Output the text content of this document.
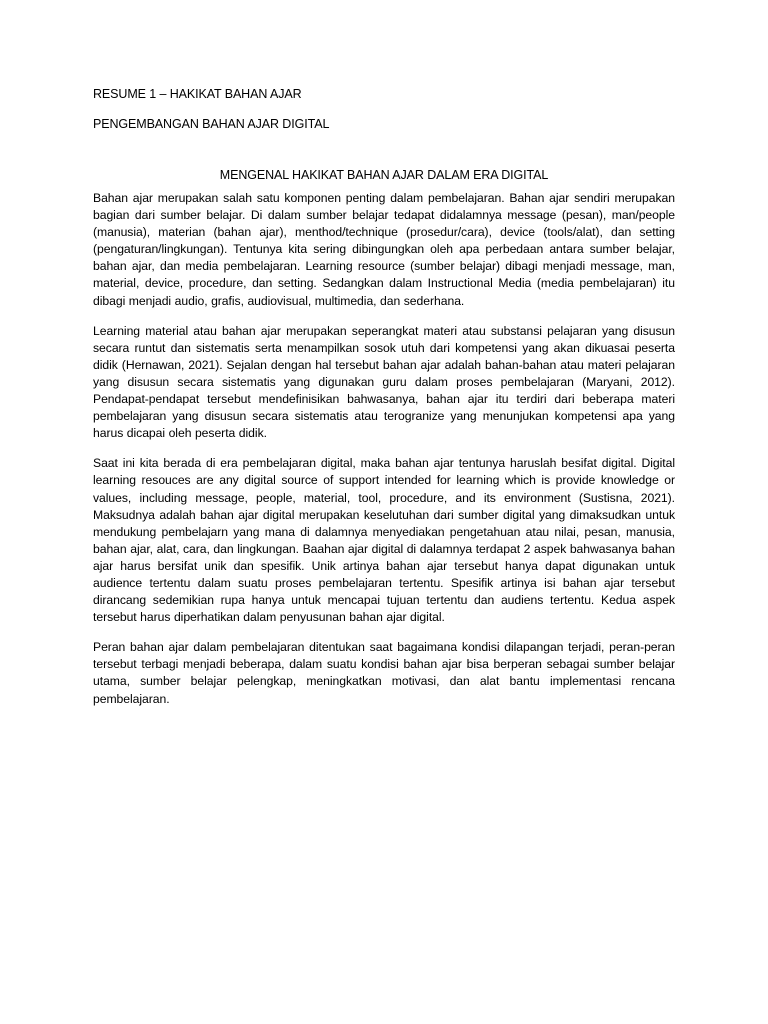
RESUME 1 – HAKIKAT BAHAN AJAR

PENGEMBANGAN BAHAN AJAR DIGITAL

MENGENAL HAKIKAT BAHAN AJAR DALAM ERA DIGITAL

Bahan ajar merupakan salah satu komponen penting dalam pembelajaran. Bahan ajar sendiri merupakan bagian dari sumber belajar. Di dalam sumber belajar tedapat didalamnya message (pesan), man/people (manusia), materian (bahan ajar), menthod/technique (prosedur/cara), device (tools/alat), dan setting (pengaturan/lingkungan). Tentunya kita sering dibingungkan oleh apa perbedaan antara sumber belajar, bahan ajar, dan media pembelajaran. Learning resource (sumber belajar) dibagi menjadi message, man, material, device, procedure, dan setting. Sedangkan dalam Instructional Media (media pembelajaran) itu dibagi menjadi audio, grafis, audiovisual, multimedia, dan sederhana.

Learning material atau bahan ajar merupakan seperangkat materi atau substansi pelajaran yang disusun secara runtut dan sistematis serta menampilkan sosok utuh dari kompetensi yang akan dikuasai peserta didik (Hernawan, 2021). Sejalan dengan hal tersebut bahan ajar adalah bahan-bahan atau materi pelajaran yang disusun secara sistematis yang digunakan guru dalam proses pembelajaran (Maryani, 2012). Pendapat-pendapat tersebut mendefinisikan bahwasanya, bahan ajar itu terdiri dari beberapa materi pembelajaran yang disusun secara sistematis atau terogranize yang menunjukan kompetensi apa yang harus dicapai oleh peserta didik.

Saat ini kita berada di era pembelajaran digital, maka bahan ajar tentunya haruslah besifat digital. Digital learning resouces are any digital source of support intended for learning which is provide knowledge or values, including message, people, material, tool, procedure, and its environment (Sustisna, 2021). Maksudnya adalah bahan ajar digital merupakan keselutuhan dari sumber digital yang dimaksudkan untuk mendukung pembelajarn yang mana di dalamnya menyediakan pengetahuan atau nilai, pesan, manusia, bahan ajar, alat, cara, dan lingkungan. Baahan ajar digital di dalamnya terdapat 2 aspek bahwasanya bahan ajar harus bersifat unik dan spesifik. Unik artinya bahan ajar tersebut hanya dapat digunakan untuk audience tertentu dalam suatu proses pembelajaran tertentu. Spesifik artinya isi bahan ajar tersebut dirancang sedemikian rupa hanya untuk mencapai tujuan tertentu dan audiens tertentu. Kedua aspek tersebut harus diperhatikan dalam penyusunan bahan ajar digital.

Peran bahan ajar dalam pembelajaran ditentukan saat bagaimana kondisi dilapangan terjadi, peran-peran tersebut terbagi menjadi beberapa, dalam suatu kondisi bahan ajar bisa berperan sebagai sumber belajar utama, sumber belajar pelengkap, meningkatkan motivasi, dan alat bantu implementasi rencana pembelajaran.
